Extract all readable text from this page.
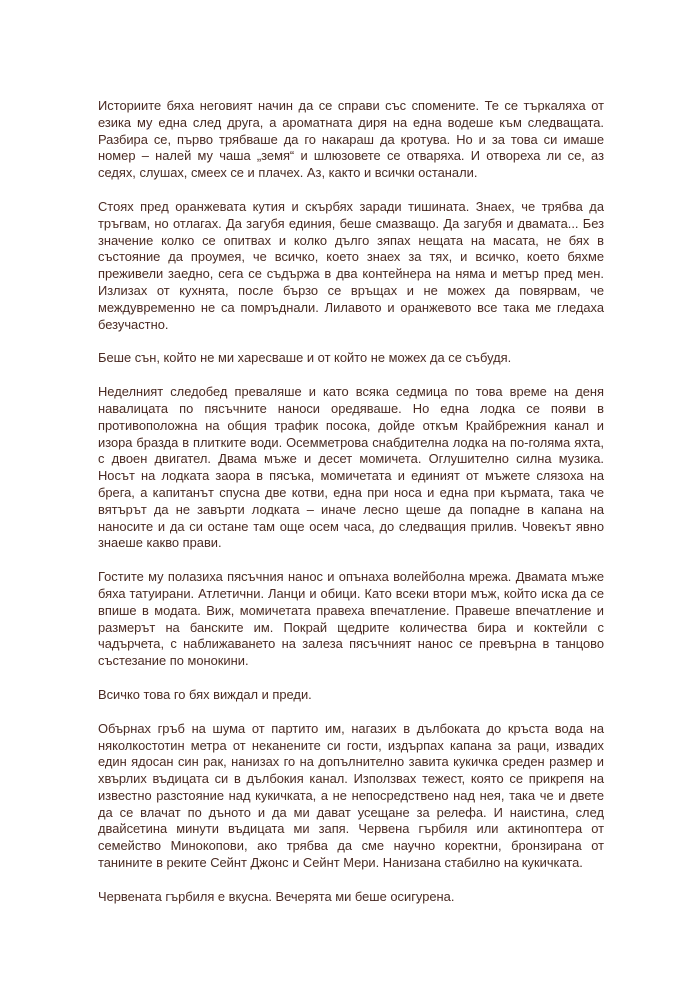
Историите бяха неговият начин да се справи със спомените. Те се търкаляха от езика му една след друга, а ароматната диря на една водеше към следващата. Разбира се, първо трябваше да го накараш да кротува. Но и за това си имаше номер – налей му чаша „земя“ и шлюзовете се отваряха. И отвореха ли се, аз седях, слушах, смеех се и плачех. Аз, както и всички останали.

Стоях пред оранжевата кутия и скърбях заради тишината. Знаех, че трябва да тръгвам, но отлагах. Да загубя единия, беше смазващо. Да загубя и двамата... Без значение колко се опитвах и колко дълго зяпах нещата на масата, не бях в състояние да проумея, че всичко, което знаех за тях, и всичко, което бяхме преживели заедно, сега се съдържа в два контейнера на няма и метър пред мен. Излизах от кухнята, после бързо се връщах и не можех да повярвам, че междувременно не са помръднали. Лилавото и оранжевото все така ме гледаха безучастно.

Беше сън, който не ми харесваше и от който не можех да се събудя.

Неделният следобед преваляше и като всяка седмица по това време на деня навалицата по пясъчните наноси оредяваше. Но една лодка се появи в противоположна на общия трафик посока, дойде откъм Крайбрежния канал и изора бразда в плитките води. Осемметрова снабдителна лодка на по-голяма яхта, с двоен двигател. Двама мъже и десет момичета. Оглушително силна музика. Носът на лодката заора в пясъка, момичетата и единият от мъжете слязоха на брега, а капитанът спусна две котви, една при носа и една при кърмата, така че вятърът да не завърти лодката – иначе лесно щеше да попадне в капана на наносите и да си остане там още осем часа, до следващия прилив. Човекът явно знаеше какво прави.

Гостите му полазиха пясъчния нанос и опънаха волейболна мрежа. Двамата мъже бяха татуирани. Атлетични. Ланци и обици. Като всеки втори мъж, който иска да се впише в модата. Виж, момичетата правеха впечатление. Правеше впечатление и размерът на банските им. Покрай щедрите количества бира и коктейли с чадърчета, с наближаването на залеза пясъчният нанос се превърна в танцово състезание по монокини.

Всичко това го бях виждал и преди.

Обърнах гръб на шума от партито им, нагазих в дълбоката до кръста вода на няколкостотин метра от неканените си гости, издърпах капана за раци, извадих един ядосан син рак, нанизах го на допълнително завита кукичка среден размер и хвърлих въдицата си в дълбокия канал. Използвах тежест, която се прикрепя на известно разстояние над кукичката, а не непосредствено над нея, така че и двете да се влачат по дъното и да ми дават усещане за релефа. И наистина, след двайсетина минути въдицата ми запя. Червена гърбиля или актиноптера от семейство Минокопови, ако трябва да сме научно коректни, бронзирана от танините в реките Сейнт Джонс и Сейнт Мери. Нанизана стабилно на кукичката.

Червената гърбиля е вкусна. Вечерята ми беше осигурена.
